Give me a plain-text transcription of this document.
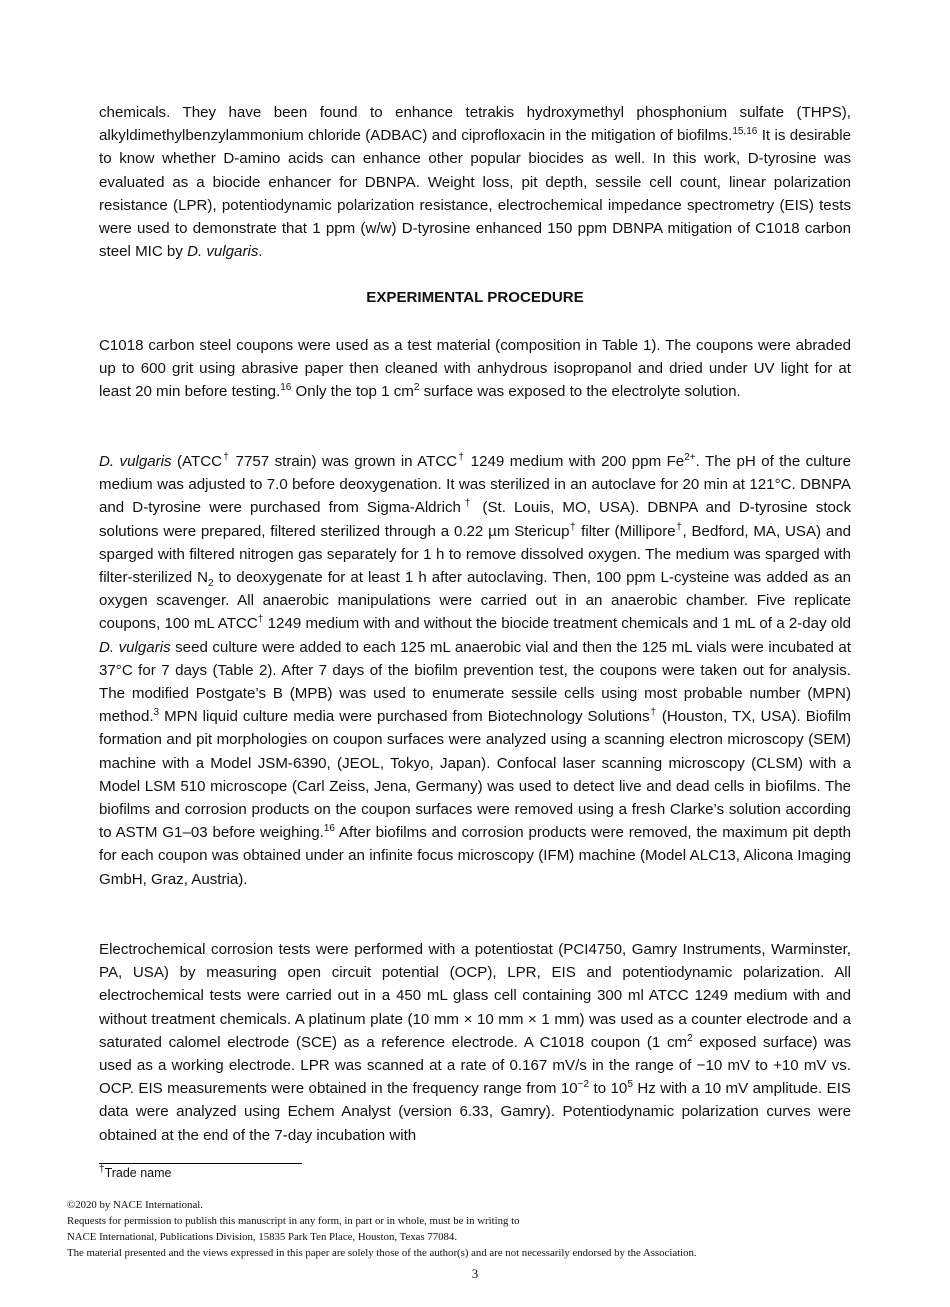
chemicals. They have been found to enhance tetrakis hydroxymethyl phosphonium sulfate (THPS), alkyldimethylbenzylammonium chloride (ADBAC) and ciprofloxacin in the mitigation of biofilms.$^{15,16}$ It is desirable to know whether D-amino acids can enhance other popular biocides as well. In this work, D-tyrosine was evaluated as a biocide enhancer for DBNPA. Weight loss, pit depth, sessile cell count, linear polarization resistance (LPR), potentiodynamic polarization resistance, electrochemical impedance spectrometry (EIS) tests were used to demonstrate that 1 ppm (w/w) D-tyrosine enhanced 150 ppm DBNPA mitigation of C1018 carbon steel MIC by D. vulgaris.

EXPERIMENTAL PROCEDURE

C1018 carbon steel coupons were used as a test material (composition in Table 1). The coupons were abraded up to 600 grit using abrasive paper then cleaned with anhydrous isopropanol and dried under UV light for at least 20 min before testing.$^{16}$ Only the top 1 $cm^2$ surface was exposed to the electrolyte solution.

D. vulgaris (ATCC† 7757 strain) was grown in ATCC† 1249 medium with 200 ppm $Fe^{2+}$. The pH of the culture medium was adjusted to 7.0 before deoxygenation. It was sterilized in an autoclave for 20 min at 121°C. DBNPA and D-tyrosine were purchased from Sigma-Aldrich† (St. Louis, MO, USA). DBNPA and D-tyrosine stock solutions were prepared, filtered sterilized through a 0.22 µm Stericup† filter (Millipore†, Bedford, MA, USA) and sparged with filtered nitrogen gas separately for 1 h to remove dissolved oxygen. The medium was sparged with filter-sterilized $N_2$ to deoxygenate for at least 1 h after autoclaving. Then, 100 ppm L-cysteine was added as an oxygen scavenger. All anaerobic manipulations were carried out in an anaerobic chamber. Five replicate coupons, 100 mL ATCC† 1249 medium with and without the biocide treatment chemicals and 1 mL of a 2-day old D. vulgaris seed culture were added to each 125 mL anaerobic vial and then the 125 mL vials were incubated at 37°C for 7 days (Table 2). After 7 days of the biofilm prevention test, the coupons were taken out for analysis. The modified Postgate’s B (MPB) was used to enumerate sessile cells using most probable number (MPN) method.$^3$ MPN liquid culture media were purchased from Biotechnology Solutions† (Houston, TX, USA). Biofilm formation and pit morphologies on coupon surfaces were analyzed using a scanning electron microscopy (SEM) machine with a Model JSM-6390, (JEOL, Tokyo, Japan). Confocal laser scanning microscopy (CLSM) with a Model LSM 510 microscope (Carl Zeiss, Jena, Germany) was used to detect live and dead cells in biofilms. The biofilms and corrosion products on the coupon surfaces were removed using a fresh Clarke’s solution according to ASTM G1–03 before weighing.$^{16}$ After biofilms and corrosion products were removed, the maximum pit depth for each coupon was obtained under an infinite focus microscopy (IFM) machine (Model ALC13, Alicona Imaging GmbH, Graz, Austria).

Electrochemical corrosion tests were performed with a potentiostat (PCI4750, Gamry Instruments, Warminster, PA, USA) by measuring open circuit potential (OCP), LPR, EIS and potentiodynamic polarization. All electrochemical tests were carried out in a 450 mL glass cell containing 300 ml ATCC 1249 medium with and without treatment chemicals. A platinum plate (10 mm × 10 mm × 1 mm) was used as a counter electrode and a saturated calomel electrode (SCE) as a reference electrode. A C1018 coupon (1 $cm^2$ exposed surface) was used as a working electrode. LPR was scanned at a rate of 0.167 mV/s in the range of −10 mV to +10 mV vs. OCP. EIS measurements were obtained in the frequency range from $10^{-2}$ to $10^5$ Hz with a 10 mV amplitude. EIS data were analyzed using Echem Analyst (version 6.33, Gamry). Potentiodynamic polarization curves were obtained at the end of the 7-day incubation with

†Trade name

©2020 by NACE International.

Requests for permission to publish this manuscript in any form, in part or in whole, must be in writing to

NACE International, Publications Division, 15835 Park Ten Place, Houston, Texas 77084.

The material presented and the views expressed in this paper are solely those of the author(s) and are not necessarily endorsed by the Association.

3
